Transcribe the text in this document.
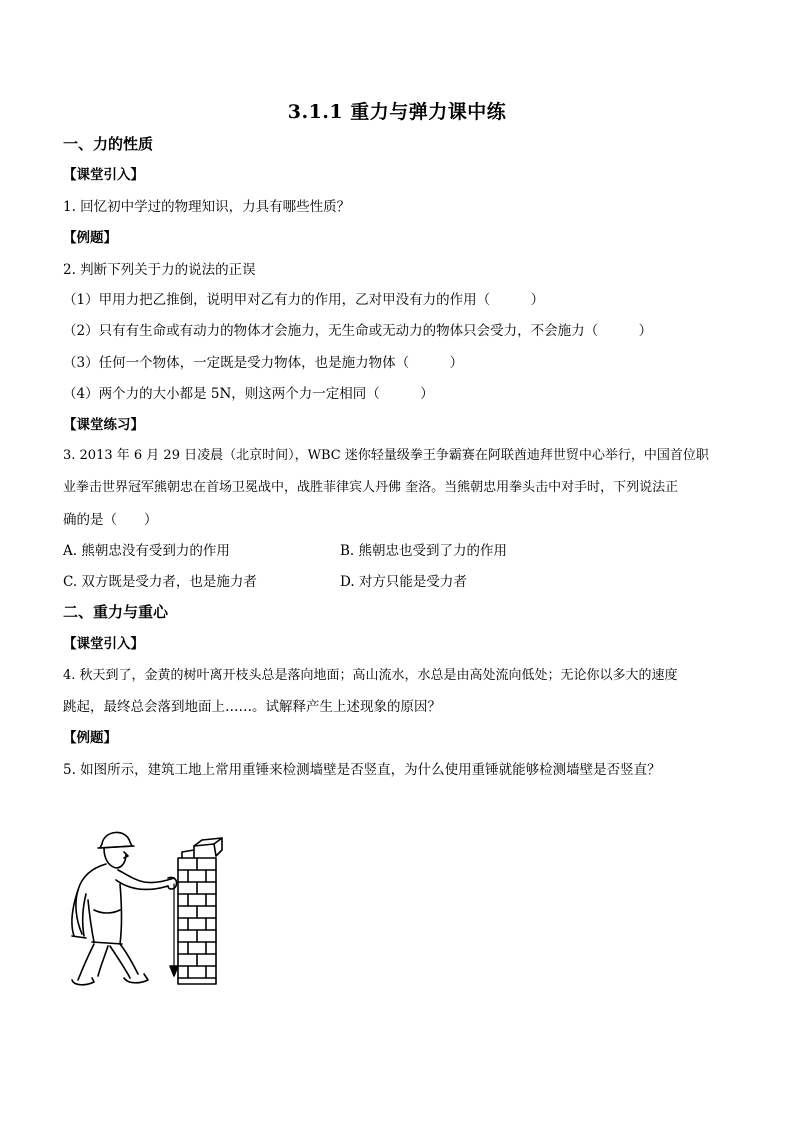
3.1.1 重力与弹力课中练
一、力的性质
【课堂引入】
1. 回忆初中学过的物理知识，力具有哪些性质？
【例题】
2. 判断下列关于力的说法的正误
（1）甲用力把乙推倒，说明甲对乙有力的作用，乙对甲没有力的作用（　　　）
（2）只有有生命或有动力的物体才会施力，无生命或无动力的物体只会受力，不会施力（　　　）
（3）任何一个物体，一定既是受力物体，也是施力物体（　　　）
（4）两个力的大小都是 5N，则这两个力一定相同（　　　）
【课堂练习】
3. 2013 年 6 月 29 日凌晨（北京时间），WBC 迷你轻量级拳王争霸赛在阿联酋迪拜世贸中心举行，中国首位职
业拳击世界冠军熊朝忠在首场卫冕战中，战胜菲律宾人丹佛 奎洛。当熊朝忠用拳头击中对手时，下列说法正
确的是（　　）
A. 熊朝忠没有受到力的作用	B. 熊朝忠也受到了力的作用
C. 双方既是受力者，也是施力者	D. 对方只能是受力者
二、重力与重心
【课堂引入】
4. 秋天到了，金黄的树叶离开枝头总是落向地面；高山流水，水总是由高处流向低处；无论你以多大的速度
跳起，最终总会落到地面上……。试解释产生上述现象的原因？
【例题】
5. 如图所示，建筑工地上常用重锤来检测墙壁是否竖直，为什么使用重锤就能够检测墙壁是否竖直？
